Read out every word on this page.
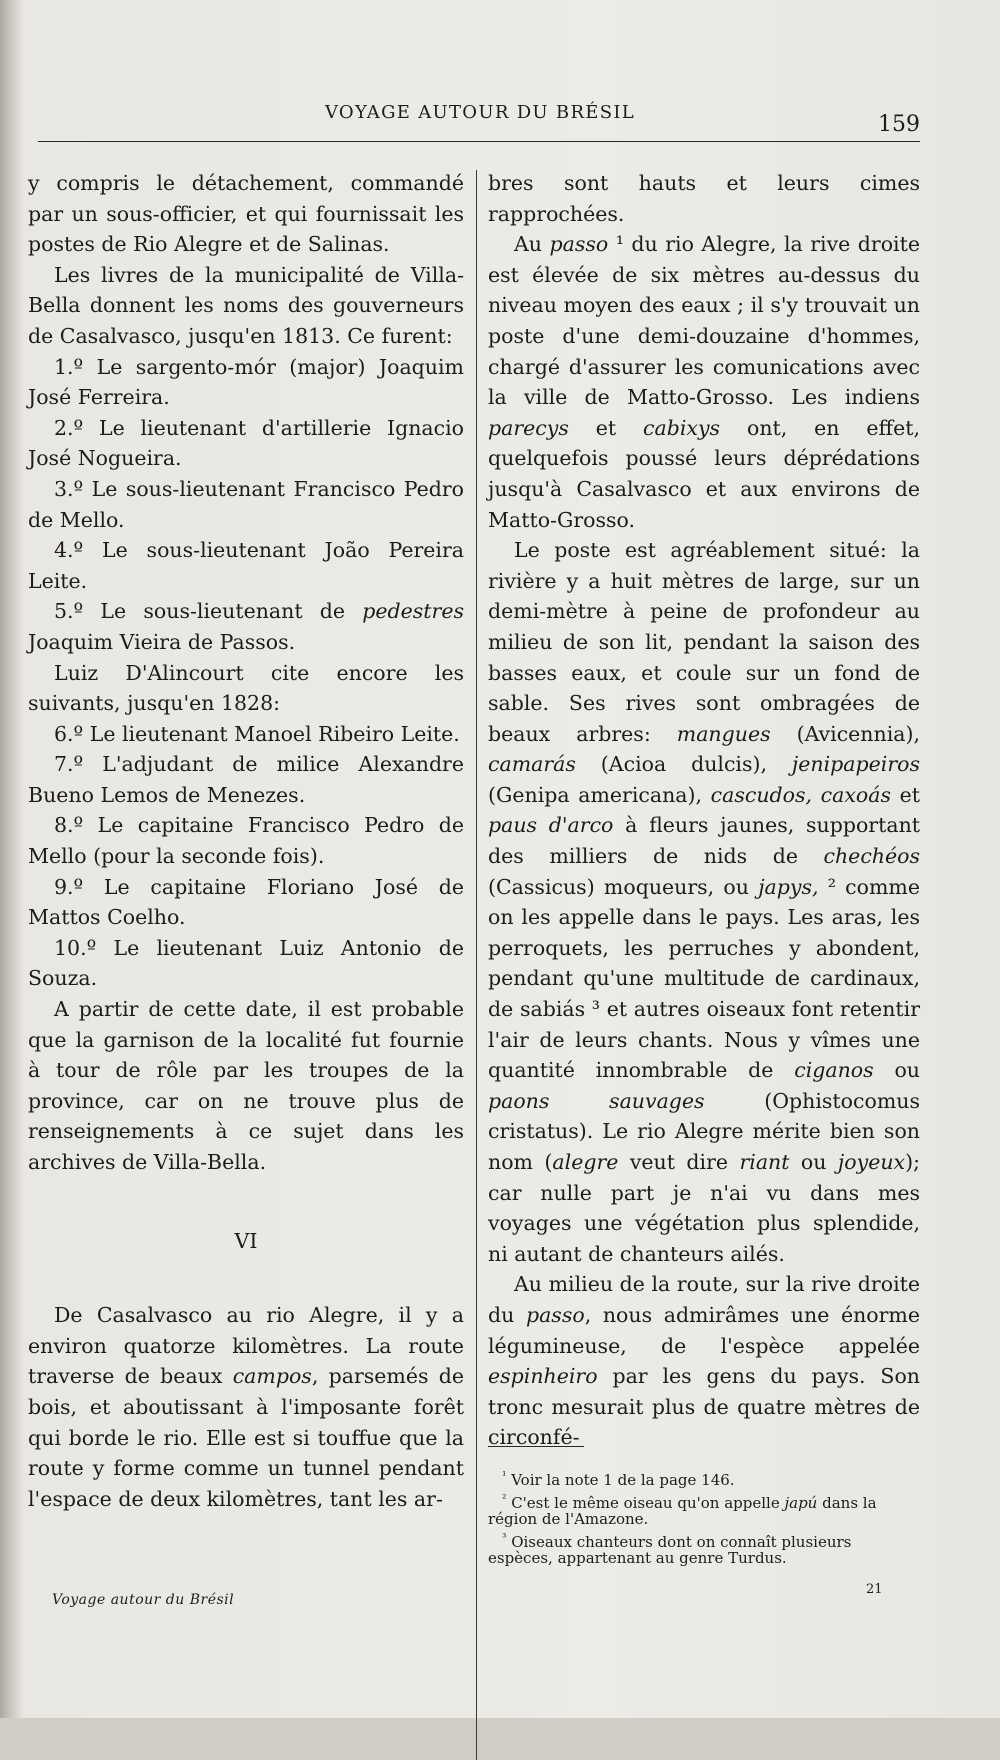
VOYAGE AUTOUR DU BRÉSIL	159

y compris le détachement, commandé par un sous-officier, et qui fournissait les postes de Rio Alegre et de Salinas.

Les livres de la municipalité de Villa-Bella donnent les noms des gouverneurs de Casalvasco, jusqu'en 1813. Ce furent:

1.º Le sargento-mór (major) Joaquim José Ferreira.

2.º Le lieutenant d'artillerie Ignacio José Nogueira.

3.º Le sous-lieutenant Francisco Pedro de Mello.

4.º Le sous-lieutenant João Pereira Leite.

5.º Le sous-lieutenant de pedestres Joaquim Vieira de Passos.

Luiz D'Alincourt cite encore les suivants, jusqu'en 1828:

6.º Le lieutenant Manoel Ribeiro Leite.

7.º L'adjudant de milice Alexandre Bueno Lemos de Menezes.

8.º Le capitaine Francisco Pedro de Mello (pour la seconde fois).

9.º Le capitaine Floriano José de Mattos Coelho.

10.º Le lieutenant Luiz Antonio de Souza.

A partir de cette date, il est probable que la garnison de la localité fut fournie à tour de rôle par les troupes de la province, car on ne trouve plus de renseignements à ce sujet dans les archives de Villa-Bella.

VI

De Casalvasco au rio Alegre, il y a environ quatorze kilomètres. La route traverse de beaux campos, parsemés de bois, et aboutissant à l'imposante forêt qui borde le rio. Elle est si touffue que la route y forme comme un tunnel pendant l'espace de deux kilomètres, tant les ar-

bres sont hauts et leurs cimes rapprochées.

Au passo ¹ du rio Alegre, la rive droite est élevée de six mètres au-dessus du niveau moyen des eaux ; il s'y trouvait un poste d'une demi-douzaine d'hommes, chargé d'assurer les comunications avec la ville de Matto-Grosso. Les indiens parecys et cabixys ont, en effet, quelquefois poussé leurs déprédations jusqu'à Casalvasco et aux environs de Matto-Grosso.

Le poste est agréablement situé: la rivière y a huit mètres de large, sur un demi-mètre à peine de profondeur au milieu de son lit, pendant la saison des basses eaux, et coule sur un fond de sable. Ses rives sont ombragées de beaux arbres: mangues (Avicennia), camarás (Acioa dulcis), jenipapeiros (Genipa americana), cascudos, caxoás et paus d'arco à fleurs jaunes, supportant des milliers de nids de chechéos (Cassicus) moqueurs, ou japys, ² comme on les appelle dans le pays. Les aras, les perroquets, les perruches y abondent, pendant qu'une multitude de cardinaux, de sabiás ³ et autres oiseaux font retentir l'air de leurs chants. Nous y vîmes une quantité innombrable de ciganos ou paons sauvages (Ophistocomus cristatus). Le rio Alegre mérite bien son nom (alegre veut dire riant ou joyeux); car nulle part je n'ai vu dans mes voyages une végétation plus splendide, ni autant de chanteurs ailés.

Au milieu de la route, sur la rive droite du passo, nous admirâmes une énorme légumineuse, de l'espèce appelée espinheiro par les gens du pays. Son tronc mesurait plus de quatre mètres de circonfé-

$^{^1}$ Voir la note 1 de la page 146.

$^{^2}$ C'est le même oiseau qu'on appelle japú dans la région de l'Amazone.

$^{^3}$ Oiseaux chanteurs dont on connaît plusieurs espèces, appartenant au genre Turdus.

Voyage autour du Brésil
21
